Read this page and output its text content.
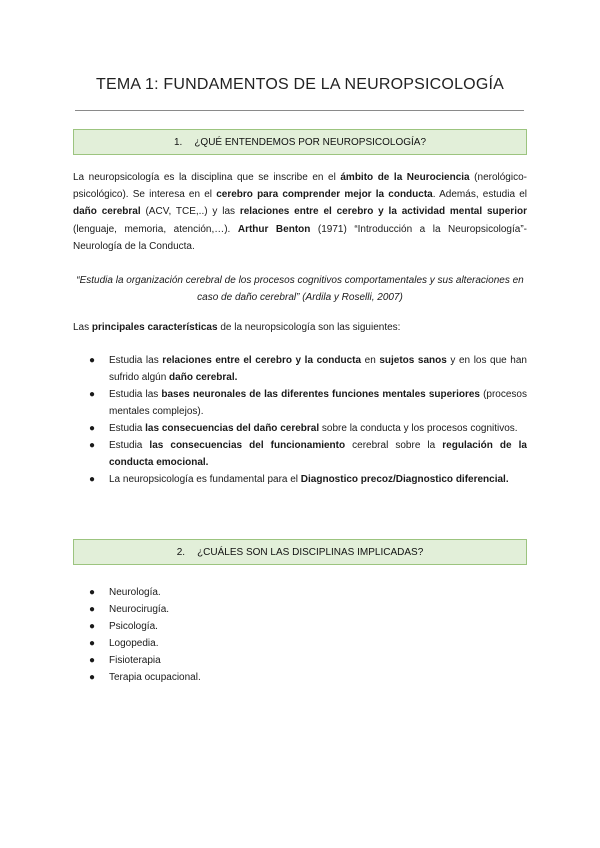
TEMA 1: FUNDAMENTOS DE LA NEUROPSICOLOGÍA
1. ¿QUÉ ENTENDEMOS POR NEUROPSICOLOGÍA?

La neuropsicología es la disciplina que se inscribe en el ámbito de la Neurociencia (nerológico-psicológico). Se interesa en el cerebro para comprender mejor la conducta. Además, estudia el daño cerebral (ACV, TCE,..) y las relaciones entre el cerebro y la actividad mental superior (lenguaje, memoria, atención,…). Arthur Benton (1971) “Introducción a la Neuropsicología”- Neurología de la Conducta.

“Estudia la organización cerebral de los procesos cognitivos comportamentales y sus alteraciones en caso de daño cerebral” (Ardila y Roselli, 2007)

Las principales características de la neuropsicología son las siguientes:

● Estudia las relaciones entre el cerebro y la conducta en sujetos sanos y en los que han sufrido algún daño cerebral.
● Estudia las bases neuronales de las diferentes funciones mentales superiores (procesos mentales complejos).
● Estudia las consecuencias del daño cerebral sobre la conducta y los procesos cognitivos.
● Estudia las consecuencias del funcionamiento cerebral sobre la regulación de la conducta emocional.
● La neuropsicología es fundamental para el Diagnostico precoz/Diagnostico diferencial.
2. ¿CUÁLES SON LAS DISCIPLINAS IMPLICADAS?
● Neurología.
● Neurocirugía.
● Psicología.
● Logopedia.
● Fisioterapia
● Terapia ocupacional.
